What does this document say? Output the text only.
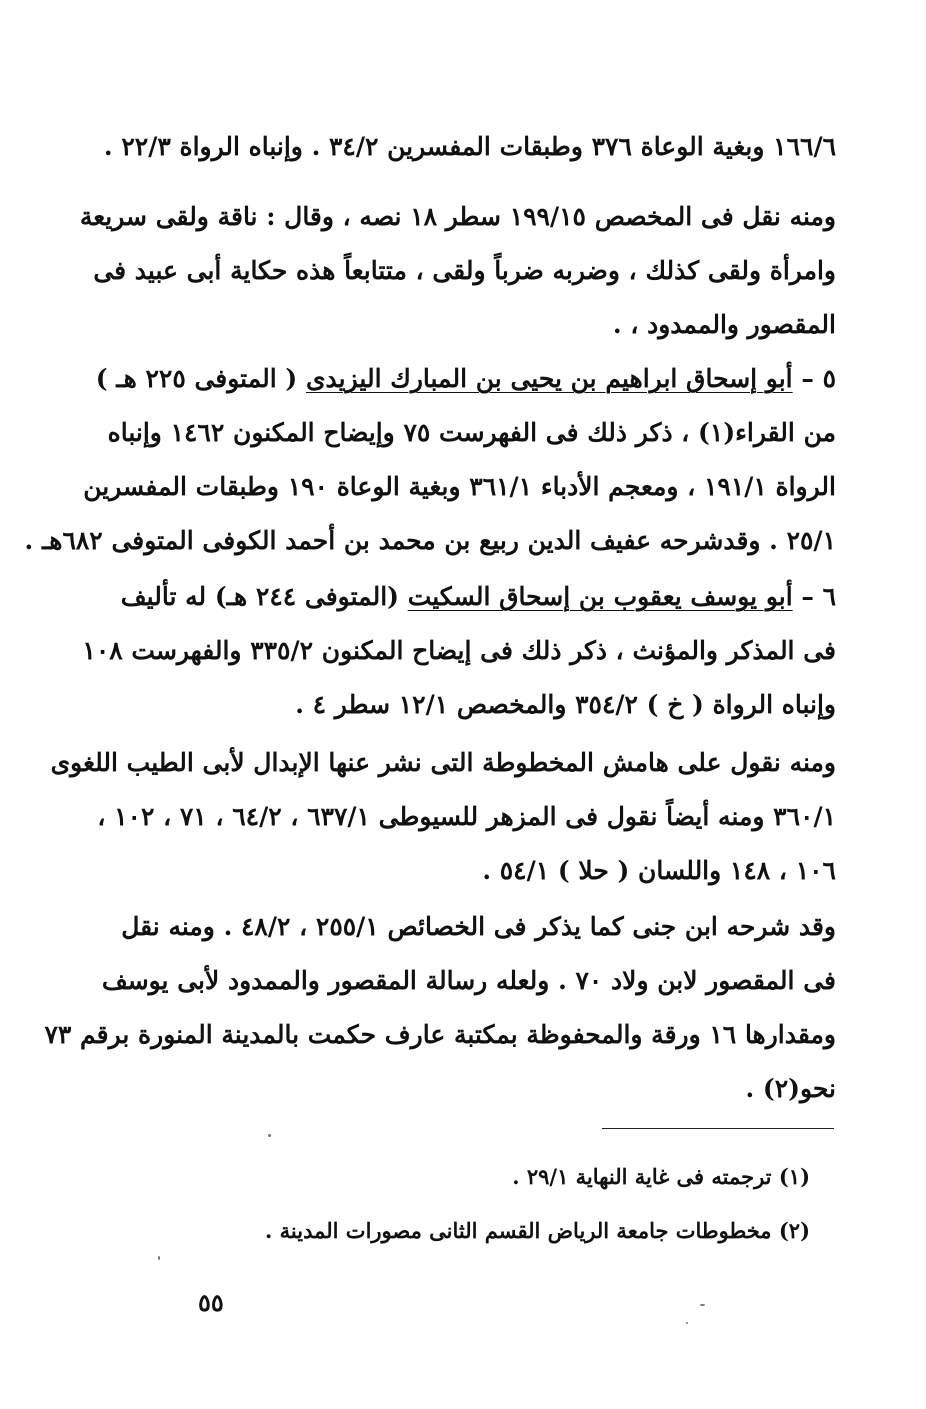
١٦٦/٦ وبغية الوعاة ٣٧٦ وطبقات المفسرين ٣٤/٢ . وإنباه الرواة ٢٢/٣ .
ومنه نقل فى المخصص ١٩٩/١٥ سطر ١٨ نصه ، وقال : ناقة ولقى سريعة
وامرأة ولقى كذلك ، وضربه ضرباً ولقى ، متتابعاً هذه حكاية أبى عبيد فى
المقصور والممدود ، .
٥ – أبو إسحاق ابراهيم بن يحيى بن المبارك اليزيدى ( المتوفى ٢٢٥ هـ )
من القراء(١) ، ذكر ذلك فى الفهرست ٧٥ وإيضاح المكنون ١٤٦٢ وإنباه
الرواة ١٩١/١ ، ومعجم الأدباء ٣٦١/١ وبغية الوعاة ١٩٠ وطبقات المفسرين
٢٥/١ . وقدشرحه عفيف الدين ربيع بن محمد بن أحمد الكوفى المتوفى ٦٨٢هـ .
٦ – أبو يوسف يعقوب بن إسحاق السكيت (المتوفى ٢٤٤ هـ) له تأليف
فى المذكر والمؤنث ، ذكر ذلك فى إيضاح المكنون ٣٣٥/٢ والفهرست ١٠٨
وإنباه الرواة ( خ ) ٣٥٤/٢ والمخصص ١٢/١ سطر ٤ .
ومنه نقول على هامش المخطوطة التى نشر عنها الإبدال لأبى الطيب اللغوى
٣٦٠/١ ومنه أيضاً نقول فى المزهر للسيوطى ٦٣٧/١ ، ٦٤/٢ ، ٧١ ، ١٠٢ ،
١٠٦ ، ١٤٨ واللسان ( حلا ) ٥٤/١ .
وقد شرحه ابن جنى كما يذكر فى الخصائص ٢٥٥/١ ، ٤٨/٢ . ومنه نقل
فى المقصور لابن ولاد ٧٠ . ولعله رسالة المقصور والممدود لأبى يوسف
ومقدارها ١٦ ورقة والمحفوظة بمكتبة عارف حكمت بالمدينة المنورة برقم ٧٣
نحو(٢) .
(١) ترجمته فى غاية النهاية ٢٩/١ .
(٢) مخطوطات جامعة الرياض القسم الثانى مصورات المدينة .
٥٥
